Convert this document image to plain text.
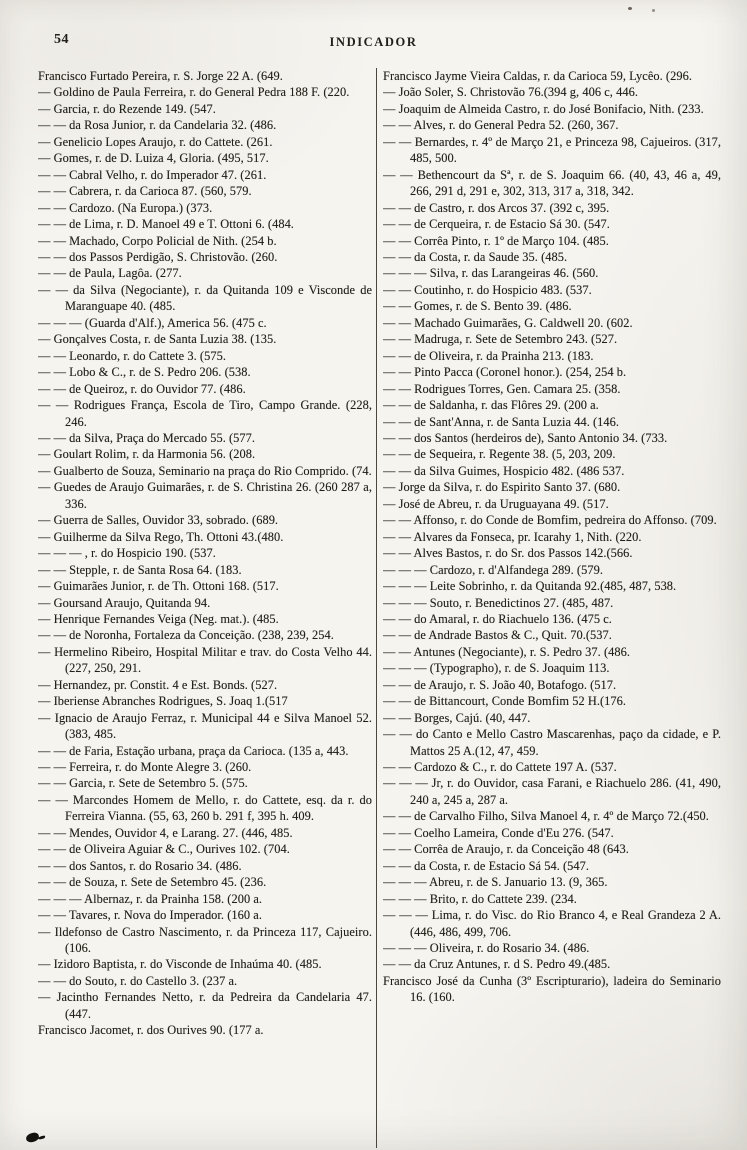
54	INDICADOR
Francisco Furtado Pereira, r. S. Jorge 22 A. (649.
— Goldino de Paula Ferreira, r. do General Pedra 188 F. (220.
— Garcia, r. do Rezende 149. (547.
— — da Rosa Junior, r. da Candelaria 32. (486.
— Genelicio Lopes Araujo, r. do Cattete. (261.
— Gomes, r. de D. Luiza 4, Gloria. (495, 517.
— — Cabral Velho, r. do Imperador 47. (261.
— — Cabrera, r. da Carioca 87. (560, 579.
— — Cardozo. (Na Europa.) (373.
— — de Lima, r. D. Manoel 49 e T. Ottoni 6. (484.
— — Machado, Corpo Policial de Nith. (254 b.
— — dos Passos Perdigão, S. Christovão. (260.
— — de Paula, Lagôa. (277.
— — da Silva (Negociante), r. da Quitanda 109 e Visconde de Maranguape 40. (485.
— — — (Guarda d'Alf.), America 56. (475 c.
— Gonçalves Costa, r. de Santa Luzia 38. (135.
— — Leonardo, r. do Cattete 3. (575.
— — Lobo & C., r. de S. Pedro 206. (538.
— — de Queiroz, r. do Ouvidor 77. (486.
— — Rodrigues França, Escola de Tiro, Campo Grande. (228, 246.
— — da Silva, Praça do Mercado 55. (577.
— Goulart Rolim, r. da Harmonia 56. (208.
— Gualberto de Souza, Seminario na praça do Rio Comprido. (74.
— Guedes de Araujo Guimarães, r. de S. Christina 26. (260 287 a, 336.
— Guerra de Salles, Ouvidor 33, sobrado. (689.
— Guilherme da Silva Rego, Th. Ottoni 43.(480.
— — — , r. do Hospicio 190. (537.
— — Stepple, r. de Santa Rosa 64. (183.
— Guimarães Junior, r. de Th. Ottoni 168. (517.
— Goursand Araujo, Quitanda 94.
— Henrique Fernandes Veiga (Neg. mat.). (485.
— — de Noronha, Fortaleza da Conceição. (238, 239, 254.
— Hermelino Ribeiro, Hospital Militar e trav. do Costa Velho 44. (227, 250, 291.
— Hernandez, pr. Constit. 4 e Est. Bonds. (527.
— Iberiense Abranches Rodrigues, S. Joaq 1.(517
— Ignacio de Araujo Ferraz, r. Municipal 44 e Silva Manoel 52. (383, 485.
— — de Faria, Estação urbana, praça da Carioca. (135 a, 443.
— — Ferreira, r. do Monte Alegre 3. (260.
— — Garcia, r. Sete de Setembro 5. (575.
— — Marcondes Homem de Mello, r. do Cattete, esq. da r. do Ferreira Vianna. (55, 63, 260 b. 291 f, 395 h. 409.
— — Mendes, Ouvidor 4, e Larang. 27. (446, 485.
— — de Oliveira Aguiar & C., Ourives 102. (704.
— — dos Santos, r. do Rosario 34. (486.
— — de Souza, r. Sete de Setembro 45. (236.
— — — Albernaz, r. da Prainha 158. (200 a.
— — Tavares, r. Nova do Imperador. (160 a.
— Ildefonso de Castro Nascimento, r. da Princeza 117, Cajueiro. (106.
— Izidoro Baptista, r. do Visconde de Inhaúma 40. (485.
— — do Souto, r. do Castello 3. (237 a.
— Jacintho Fernandes Netto, r. da Pedreira da Candelaria 47. (447.
Francisco Jacomet, r. dos Ourives 90. (177 a.
Francisco Jayme Vieira Caldas, r. da Carioca 59, Lycêo. (296.
— João Soler, S. Christovão 76.(394 g, 406 c, 446.
— Joaquim de Almeida Castro, r. do José Bonifacio, Nith. (233.
— — Alves, r. do General Pedra 52. (260, 367.
— — Bernardes, r. 4º de Março 21, e Princeza 98, Cajueiros. (317, 485, 500.
— — Bethencourt da Sª, r. de S. Joaquim 66. (40, 43, 46 a, 49, 266, 291 d, 291 e, 302, 313, 317 a, 318, 342.
— — de Castro, r. dos Arcos 37. (392 c, 395.
— — de Cerqueira, r. de Estacio Sá 30. (547.
— — Corrêa Pinto, r. 1º de Março 104. (485.
— — da Costa, r. da Saude 35. (485.
— — — Silva, r. das Larangeiras 46. (560.
— — Coutinho, r. do Hospicio 483. (537.
— — Gomes, r. de S. Bento 39. (486.
— — Machado Guimarães, G. Caldwell 20. (602.
— — Madruga, r. Sete de Setembro 243. (527.
— — de Oliveira, r. da Prainha 213. (183.
— — Pinto Pacca (Coronel honor.). (254, 254 b.
— — Rodrigues Torres, Gen. Camara 25. (358.
— — de Saldanha, r. das Flôres 29. (200 a.
— — de Sant'Anna, r. de Santa Luzia 44. (146.
— — dos Santos (herdeiros de), Santo Antonio 34. (733.
— — de Sequeira, r. Regente 38. (5, 203, 209.
— — da Silva Guimes, Hospicio 482. (486 537.
— Jorge da Silva, r. do Espirito Santo 37. (680.
— José de Abreu, r. da Uruguayana 49. (517.
— — Affonso, r. do Conde de Bomfim, pedreira do Affonso. (709.
— — Alvares da Fonseca, pr. Icarahy 1, Nith. (220.
— — Alves Bastos, r. do Sr. dos Passos 142.(566.
— — — Cardozo, r. d'Alfandega 289. (579.
— — — Leite Sobrinho, r. da Quitanda 92.(485, 487, 538.
— — — Souto, r. Benedictinos 27. (485, 487.
— — do Amaral, r. do Riachuelo 136. (475 c.
— — de Andrade Bastos & C., Quit. 70.(537.
— — Antunes (Negociante), r. S. Pedro 37. (486.
— — — (Typographo), r. de S. Joaquim 113.
— — de Araujo, r. S. João 40, Botafogo. (517.
— — de Bittancourt, Conde Bomfim 52 H.(176.
— — Borges, Cajú. (40, 447.
— — do Canto e Mello Castro Mascarenhas, paço da cidade, e P. Mattos 25 A.(12, 47, 459.
— — Cardozo & C., r. do Cattete 197 A. (537.
— — — Jr, r. do Ouvidor, casa Farani, e Riachuelo 286. (41, 490, 240 a, 245 a, 287 a.
— — de Carvalho Filho, Silva Manoel 4, r. 4º de Março 72.(450.
— — Coelho Lameira, Conde d'Eu 276. (547.
— — Corrêa de Araujo, r. da Conceição 48 (643.
— — da Costa, r. de Estacio Sá 54. (547.
— — — Abreu, r. de S. Januario 13. (9, 365.
— — — Brito, r. do Cattete 239. (234.
— — — Lima, r. do Visc. do Rio Branco 4, e Real Grandeza 2 A. (446, 486, 499, 706.
— — — Oliveira, r. do Rosario 34. (486.
— — da Cruz Antunes, r. d S. Pedro 49.(485.
Francisco José da Cunha (3º Escripturario), ladeira do Seminario 16. (160.
